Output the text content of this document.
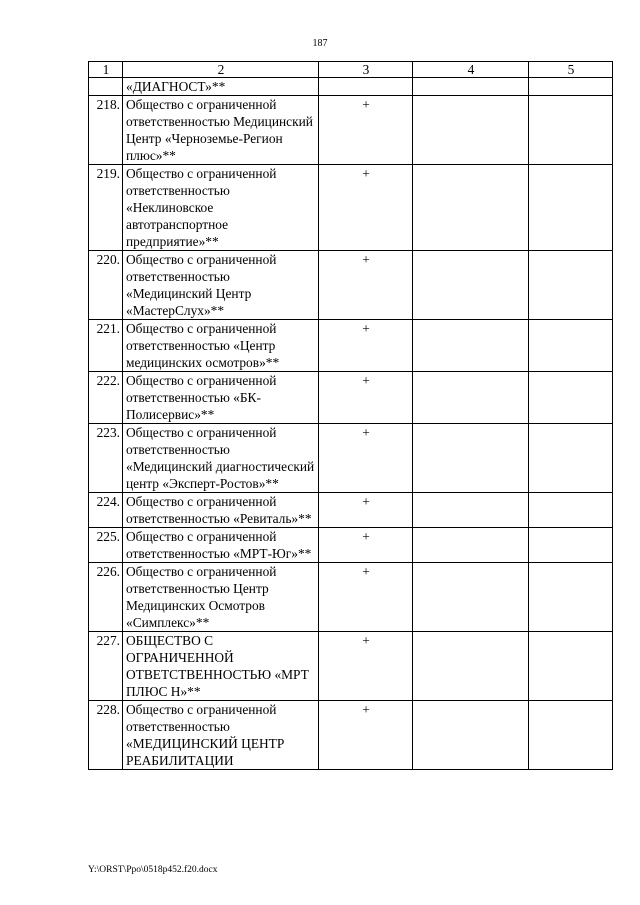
187
1	2	3	4	5
	«ДИАГНОСТ»**			
218.	Общество с ограниченной ответственностью Медицинский Центр «Черноземье-Регион плюс»**	+		
219.	Общество с ограниченной ответственностью «Неклиновское автотранспортное предприятие»**	+		
220.	Общество с ограниченной ответственностью «Медицинский Центр «МастерСлух»**	+		
221.	Общество с ограниченной ответственностью «Центр медицинских осмотров»**	+		
222.	Общество с ограниченной ответственностью «БК-Полисервис»**	+		
223.	Общество с ограниченной ответственностью «Медицинский диагностический центр «Эксперт-Ростов»**	+		
224.	Общество с ограниченной ответственностью «Ревиталь»**	+		
225.	Общество с ограниченной ответственностью «МРТ-Юг»**	+		
226.	Общество с ограниченной ответственностью Центр Медицинских Осмотров «Симплекс»**	+		
227.	ОБЩЕСТВО С ОГРАНИЧЕННОЙ ОТВЕТСТВЕННОСТЬЮ «МРТ ПЛЮС Н»**	+		
228.	Общество с ограниченной ответственностью «МЕДИЦИНСКИЙ ЦЕНТР РЕАБИЛИТАЦИИ	+		
Y:\ORST\Ppo\0518p452.f20.docx
